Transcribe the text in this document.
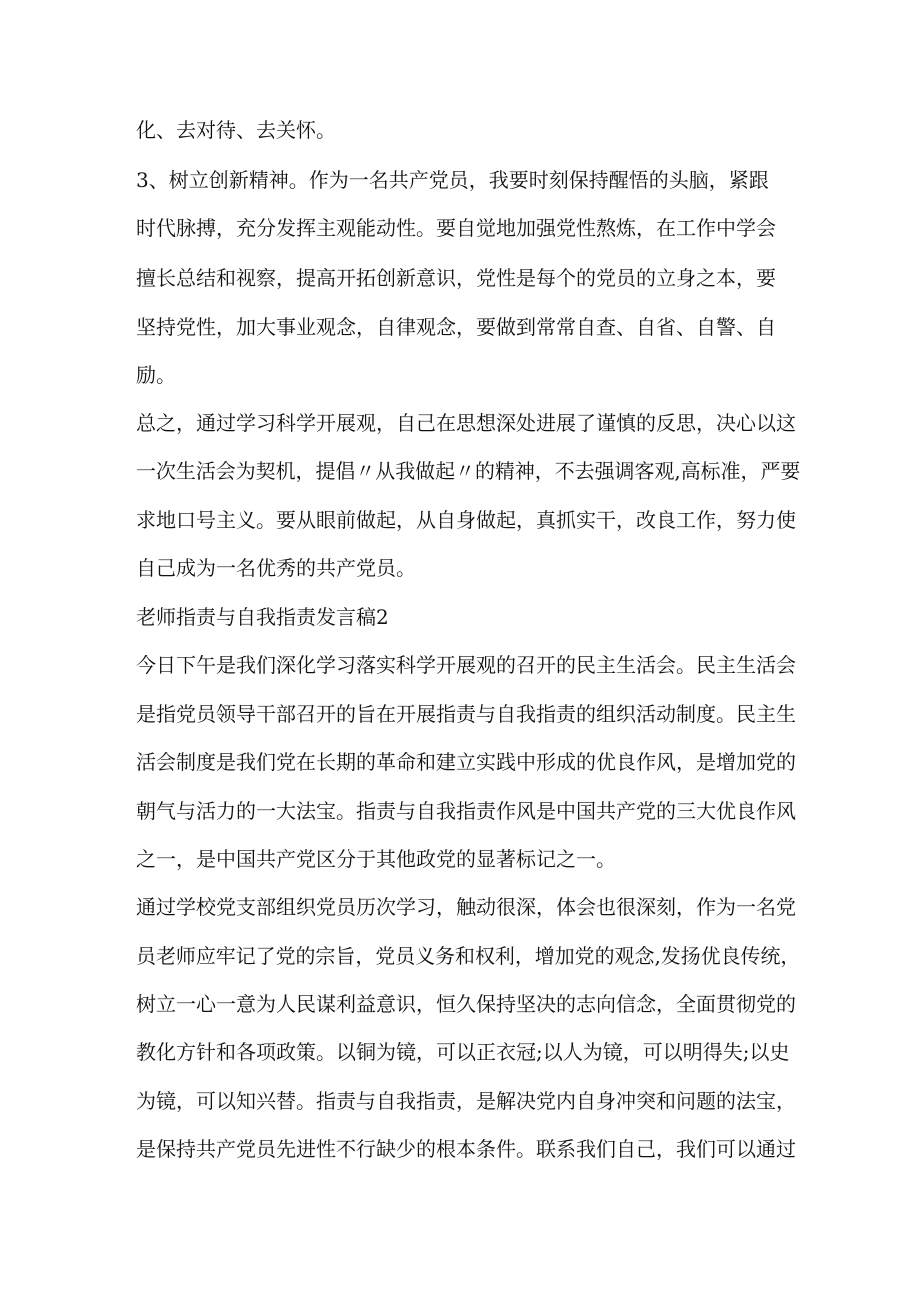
化、去对待、去关怀。
3、树立创新精神。作为一名共产党员，我要时刻保持醒悟的头脑，紧跟
时代脉搏，充分发挥主观能动性。要自觉地加强党性熬炼，在工作中学会
擅长总结和视察，提高开拓创新意识，党性是每个的党员的立身之本，要
坚持党性，加大事业观念，自律观念，要做到常常自查、自省、自警、自
励。
总之，通过学习科学开展观，自己在思想深处进展了谨慎的反思，决心以这
一次生活会为契机，提倡〃从我做起〃的精神，不去强调客观,高标准，严要
求地口号主义。要从眼前做起，从自身做起，真抓实干，改良工作，努力使
自己成为一名优秀的共产党员。
老师指责与自我指责发言稿2
今日下午是我们深化学习落实科学开展观的召开的民主生活会。民主生活会
是指党员领导干部召开的旨在开展指责与自我指责的组织活动制度。民主生
活会制度是我们党在长期的革命和建立实践中形成的优良作风，是增加党的
朝气与活力的一大法宝。指责与自我指责作风是中国共产党的三大优良作风
之一，是中国共产党区分于其他政党的显著标记之一。
通过学校党支部组织党员历次学习，触动很深，体会也很深刻，作为一名党
员老师应牢记了党的宗旨，党员义务和权利，增加党的观念,发扬优良传统，
树立一心一意为人民谋利益意识，恒久保持坚决的志向信念，全面贯彻党的
教化方针和各项政策。以铜为镜，可以正衣冠;以人为镜，可以明得失;以史
为镜，可以知兴替。指责与自我指责，是解决党内自身冲突和问题的法宝，
是保持共产党员先进性不行缺少的根本条件。联系我们自己，我们可以通过
